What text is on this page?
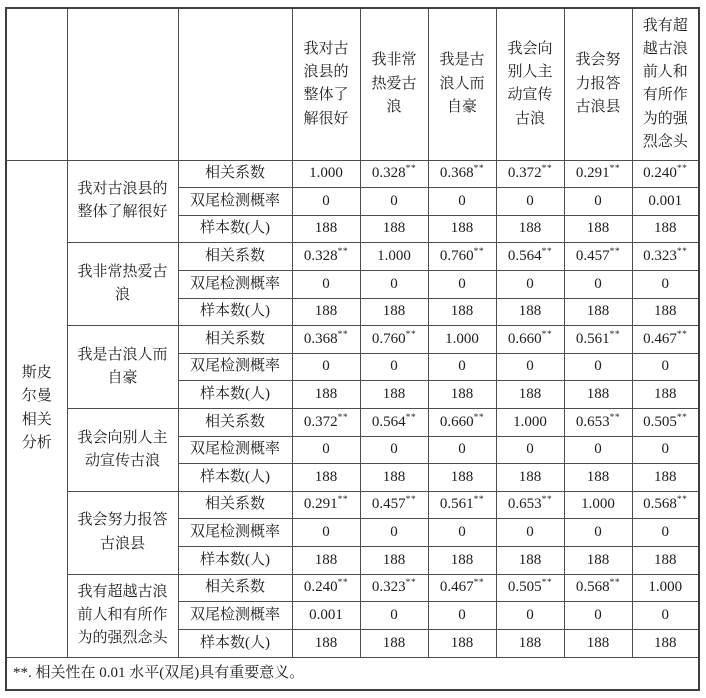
			我对古浪县的整体了解很好	我非常热爱古浪	我是古浪人而自豪	我会向别人主动宣传古浪	我会努力报答古浪县	我有超越古浪前人和有所作为的强烈念头
斯皮尔曼相关分析	我对古浪县的整体了解很好	相关系数	1.000	0.328**	0.368**	0.372**	0.291**	0.240**
		双尾检测概率	0	0	0	0	0	0.001
		样本数(人)	188	188	188	188	188	188
	我非常热爱古浪	相关系数	0.328**	1.000	0.760**	0.564**	0.457**	0.323**
		双尾检测概率	0	0	0	0	0	0
		样本数(人)	188	188	188	188	188	188
	我是古浪人而自豪	相关系数	0.368**	0.760**	1.000	0.660**	0.561**	0.467**
		双尾检测概率	0	0	0	0	0	0
		样本数(人)	188	188	188	188	188	188
	我会向别人主动宣传古浪	相关系数	0.372**	0.564**	0.660**	1.000	0.653**	0.505**
		双尾检测概率	0	0	0	0	0	0
		样本数(人)	188	188	188	188	188	188
	我会努力报答古浪县	相关系数	0.291**	0.457**	0.561**	0.653**	1.000	0.568**
		双尾检测概率	0	0	0	0	0	0
		样本数(人)	188	188	188	188	188	188
	我有超越古浪前人和有所作为的强烈念头	相关系数	0.240**	0.323**	0.467**	0.505**	0.568**	1.000
		双尾检测概率	0.001	0	0	0	0	0
		样本数(人)	188	188	188	188	188	188
**. 相关性在 0.01 水平(双尾)具有重要意义。								
